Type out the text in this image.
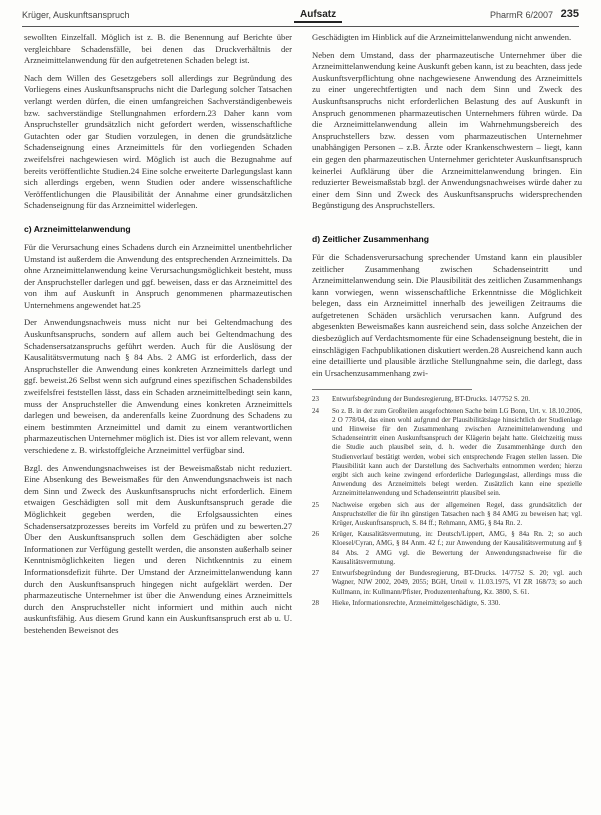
Krüger, Auskunftsanspruch	Aufsatz	PharmR 6/2007 235

sewollten Einzelfall. Möglich ist z. B. die Benennung auf Berichte über vergleichbare Schadensfälle, bei denen das Druckverhältnis der Arzneimittelanwendung für den aufgetretenen Schaden belegt ist.

Nach dem Willen des Gesetzgebers soll allerdings zur Begründung des Vorliegens eines Auskunftsanspruchs nicht die Darlegung solcher Tatsachen verlangt werden dürfen, die einen umfangreichen Sachverständigenbeweis bzw. sachverständige Stellungnahmen erfordern.23 Daher kann vom Anspruchsteller grundsätzlich nicht gefordert werden, wissenschaftliche Gutachten oder gar Studien vorzulegen, in denen die grundsätzliche Schadenseignung eines Arzneimittels für den vorliegenden Schaden zweifelsfrei nachgewiesen wird. Möglich ist auch die Bezugnahme auf bereits veröffentlichte Studien.24 Eine solche erweiterte Darlegungslast kann sich allerdings ergeben, wenn Studien oder andere wissenschaftliche Veröffentlichungen die Plausibilität der Annahme einer grundsätzlichen Schadenseignung für das Arzneimittel widerlegen.

c) Arzneimittelanwendung

Für die Verursachung eines Schadens durch ein Arzneimittel unentbehrlicher Umstand ist außerdem die Anwendung des entsprechenden Arzneimittels. Da ohne Arzneimittelanwendung keine Verursachungsmöglichkeit besteht, muss der Anspruchsteller darlegen und ggf. beweisen, dass er das Arzneimittel des von ihm auf Auskunft in Anspruch genommenen pharmazeutischen Unternehmens angewendet hat.25

Der Anwendungsnachweis muss nicht nur bei Geltendmachung des Auskunftsanspruchs, sondern auf allem auch bei Geltendmachung des Schadensersatzanspruchs geführt werden. Auch für die Auslösung der Kausalitätsvermutung nach § 84 Abs. 2 AMG ist erforderlich, dass der Anspruchsteller die Anwendung eines konkreten Arzneimittels darlegt und ggf. beweist.26 Selbst wenn sich aufgrund eines spezifischen Schadensbildes zweifelsfrei feststellen lässt, dass ein Schaden arzneimittelbedingt sein kann, muss der Anspruchsteller die Anwendung eines konkreten Arzneimittels darlegen und beweisen, da anderenfalls keine Zuordnung des Schadens zu einem bestimmten Arzneimittel und damit zu einem verantwortlichen pharmazeutischen Unternehmer möglich ist. Dies ist vor allem relevant, wenn verschiedene z. B. wirkstoffgleiche Arzneimittel verfügbar sind.

Bzgl. des Anwendungsnachweises ist der Beweismaßstab nicht reduziert. Eine Absenkung des Beweismaßes für den Anwendungsnachweis ist nach dem Sinn und Zweck des Auskunftsanspruchs nicht erforderlich. Einem etwaigen Geschädigten soll mit dem Auskunftsanspruch gerade die Möglichkeit gegeben werden, die Erfolgsaussichten eines Schadensersatzprozesses bereits im Vorfeld zu prüfen und zu bewerten.27 Über den Auskunftsanspruch sollen dem Geschädigten aber solche Informationen zur Verfügung gestellt werden, die ansonsten außerhalb seiner Kenntnismöglichkeiten liegen und deren Nichtkenntnis zu einem Informationsdefizit führte. Der Umstand der Arzneimittelanwendung kann durch den Auskunftsanspruch hingegen nicht aufgeklärt werden. Der pharmazeutische Unternehmer ist über die Anwendung eines Arzneimittels durch den Anspruchsteller nicht informiert und mithin auch nicht auskunftsfähig. Aus diesem Grund kann ein Auskunftsanspruch erst ab u. U. bestehenden Beweisnot des

Geschädigten im Hinblick auf die Arzneimittelanwendung nicht anwenden.

Neben dem Umstand, dass der pharmazeutische Unternehmer über die Arzneimittelanwendung keine Auskunft geben kann, ist zu beachten, dass jede Auskunftsverpflichtung ohne nachgewiesene Anwendung des Arzneimittels zu einer ungerechtfertigten und nach dem Sinn und Zweck des Auskunftsanspruchs nicht erforderlichen Belastung des auf Auskunft in Anspruch genommenen pharmazeutischen Unternehmers führen würde. Da die Arzneimittelanwendung allein im Wahrnehmungsbereich des Anspruchstellers bzw. dessen vom pharmazeutischen Unternehmer unabhängigen Personen – z.B. Ärzte oder Krankenschwestern – liegt, kann ein gegen den pharmazeutischen Unternehmer gerichteter Auskunftsanspruch keinerlei Aufklärung über die Arzneimittelanwendung bringen. Ein reduzierter Beweismaßstab bzgl. der Anwendungsnachweises würde daher zu einer dem Sinn und Zweck des Auskunftsanspruchs widersprechenden Begünstigung des Anspruchstellers.

d) Zeitlicher Zusammenhang

Für die Schadensverursachung sprechender Umstand kann ein plausibler zeitlicher Zusammenhang zwischen Schadenseintritt und Arzneimittelanwendung sein. Die Plausibilität des zeitlichen Zusammenhangs kann vorwiegen, wenn wissenschaftliche Erkenntnisse die Möglichkeit belegen, dass ein Arzneimittel innerhalb des jeweiligen Zeitraums die aufgetretenen Schäden ursächlich verursachen kann. Aufgrund des abgesenkten Beweismaßes kann ausreichend sein, dass solche Anzeichen der diesbezüglich auf Verdachtsmomente für eine Schadenseignung besteht, die in einschlägigen Fachpublikationen diskutiert werden.28 Ausreichend kann auch eine detaillierte und plausible ärztliche Stellungnahme sein, die darlegt, dass ein Ursachenzusammenhang zwi-

23	Entwurfsbegründung der Bundesregierung, BT-Drucks. 14/7752 S. 20.
24	So z. B. in der zum Großteilen ausgefochtenen Sache beim LG Bonn, Urt. v. 18.10.2006, 2 O 778/04, das einen wohl aufgrund der Plausibilitätslage hinsichtlich der Studienlage und Hinweise für den Zusammenhang zwischen Arzneimittelanwendung und Schadenseintritt einen Auskunftsanspruch der Klägerin bejaht hatte. Gleichzeitig muss die Studie auch plausibel sein, d. h. weder die Zusammenhänge durch den Studienverlauf bestätigt werden, wobei sich entsprechende Fragen stellen lassen. Die Plausibilität kann auch der Darstellung des Sachverhalts entnommen werden; hierzu ergibt sich auch keine zwingend erforderliche Darlegungslast, allerdings muss die Anwendung des Arzneimittels belegt werden. Zusätzlich kann eine spezielle Arzneimittelanwendung und Schadenseintritt plausibel sein.
25	Nachweise ergeben sich aus der allgemeinen Regel, dass grundsätzlich der Anspruchsteller die für ihn günstigen Tatsachen nach § 84 AMG zu beweisen hat; vgl. Krüger, Auskunftsanspruch, S. 84 ff.; Rehmann, AMG, § 84a Rn. 2.
26	Krüger, Kausalitätsvermutung, in: Deutsch/Lippert, AMG, § 84a Rn. 2; so auch Kloesel/Cyran, AMG, § 84 Anm. 42 f.; zur Anwendung der Kausalitätsvermutung auf § 84 Abs. 2 AMG vgl. die Bewertung der Anwendungsnachweise für die Kausalitätsvermutung.
27	Entwurfsbegründung der Bundesregierung, BT-Drucks. 14/7752 S. 20; vgl. auch Wagner, NJW 2002, 2049, 2055; BGH, Urteil v. 11.03.1975, VI ZR 168/73; so auch Kullmann, in: Kullmann/Pfister, Produzentenhaftung, Kz. 3800, S. 61.
28	Hieke, Informationsrechte, Arzneimittelgeschädigte, S. 330.
